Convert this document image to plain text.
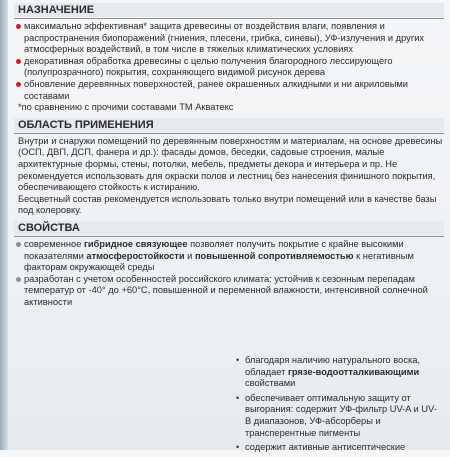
НАЗНАЧЕНИЕ
максимально эффективная* защита древесины от воздействия влаги, появления и распространения биопоражений (гниения, плесени, грибка, синевы), УФ-излучения и других атмосферных воздействий, в том числе в тяжелых климатических условиях
декоративная обработка древесины с целью получения благородного лессирующего (полупрозрачного) покрытия, сохраняющего видимой рисунок дерева
обновление деревянных поверхностей, ранее окрашенных алкидными и ни акриловыми составами
*по сравнению с прочими составами ТМ Акватекс
ОБЛАСТЬ ПРИМЕНЕНИЯ
Внутри и снаружи помещений по деревянным поверхностям и материалам, на основе древесины (ОСП, ДВП, ДСП, фанера и др.): фасады домов, беседки, садовые строения, малые архитектурные формы, стены, потолки, мебель, предметы декора и интерьера и пр. Не рекомендуется использовать для окраски полов и лестниц без нанесения финишного покрытия, обеспечивающего стойкость к истиранию.
Бесцветный состав рекомендуется использовать только внутри помещений или в качестве базы под колеровку.
СВОЙСТВА
современное гибридное связующее позволяет получить покрытие с крайне высокими показателями атмосферостойкости и повышенной сопротивляемостью к негативным факторам окружающей среды
разработан с учетом особенностей российского климата: устойчив к сезонным перепадам температур от -40° до +60°С, повышенной и переменной влажности, интенсивной солнечной активности
• благодаря наличию натурального воска, обладает грязе-водоотталкивающими свойствами
• обеспечивает оптимальную защиту от выгорания: содержит УФ-фильтр UV-A и UV-B диапазонов, УФ-абсорберы и трансперентные пигменты
• содержит активные антисептические
